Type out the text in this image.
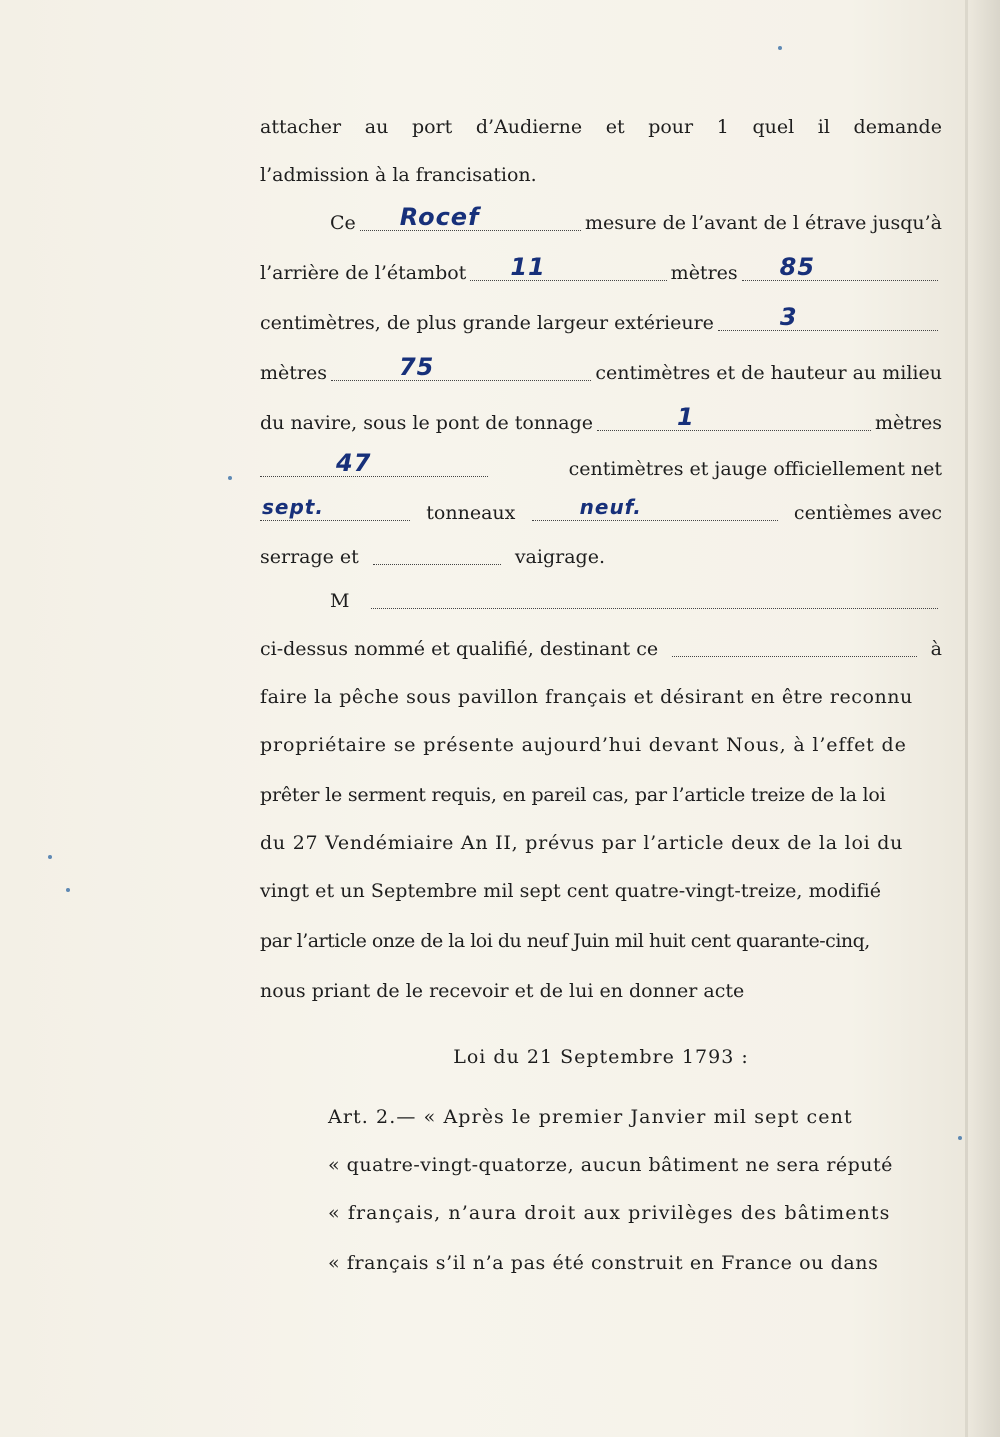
attacher au port d’Audierne et pour 1 quel il demande
l’admission à la francisation.
Ce Rocef	mesure de l’avant de l étrave jusqu’à
l’arrière de l’étambot 11	mètres 85
centimètres, de plus grande largeur extérieure	3
mètres	75	centimètres et de hauteur au milieu
du navire, sous le pont de tonnage	1	mètres
47	centimètres et jauge officiellement net
sept.	tonneaux	neuf.	centièmes avec
serrage et	vaigrage.
M
ci-dessus nommé et qualifié, destinant ce	à
faire la pêche sous pavillon français et désirant en être reconnu
propriétaire se présente aujourd’hui devant Nous, à l’effet de
prêter le serment requis, en pareil cas, par l’article treize de la loi
du 27 Vendémiaire An II, prévus par l’article deux de la loi du
vingt et un Septembre mil sept cent quatre-vingt-treize, modifié
par l’article onze de la loi du neuf Juin mil huit cent quarante-cinq,
nous priant de le recevoir et de lui en donner acte
Loi du 21 Septembre 1793 :
Art. 2.— « Après le premier Janvier mil sept cent
« quatre-vingt-quatorze, aucun bâtiment ne sera réputé
« français, n’aura droit aux privilèges des bâtiments
« français s’il n’a pas été construit en France ou dans
